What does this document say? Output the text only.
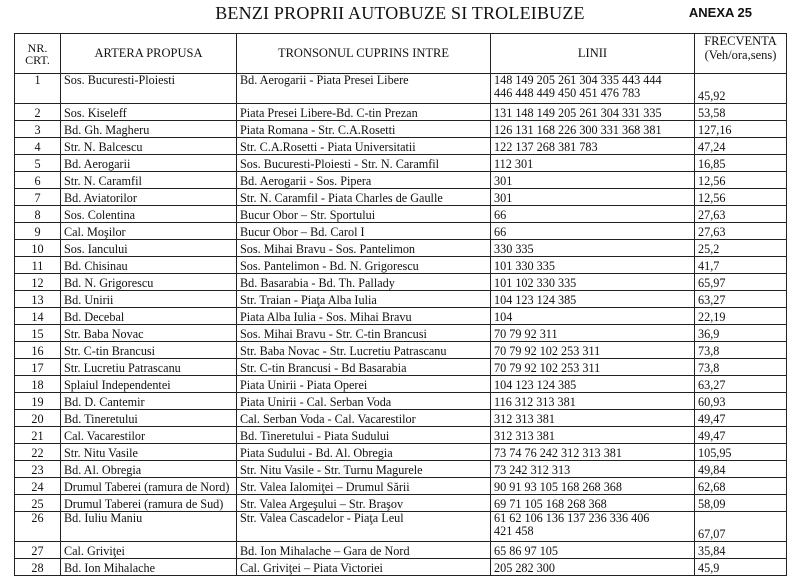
BENZI PROPRII AUTOBUZE SI TROLEIBUZE	ANEXA 25
NR.
CRT.	ARTERA PROPUSA	TRONSONUL CUPRINS INTRE	LINII	FRECVENTA
(Veh/ora,sens)
1	Sos. Bucuresti-Ploiesti	Bd. Aerogarii - Piata Presei Libere	148 149 205 261 304 335 443 444
446 448 449 450 451 476 783	45,92
2	Sos. Kiseleff	Piata Presei Libere-Bd. C-tin Prezan	131 148 149 205 261 304 331 335	53,58
3	Bd. Gh. Magheru	Piata Romana - Str. C.A.Rosetti	126 131 168 226 300 331 368 381	127,16
4	Str. N. Balcescu	Str. C.A.Rosetti - Piata Universitatii	122 137 268 381 783	47,24
5	Bd. Aerogarii	Sos. Bucuresti-Ploiesti - Str. N. Caramfil	112 301	16,85
6	Str. N. Caramfil	Bd. Aerogarii - Sos. Pipera	301	12,56
7	Bd. Aviatorilor	Str. N. Caramfil - Piata Charles de Gaulle	301	12,56
8	Sos. Colentina	Bucur Obor – Str. Sportului	66	27,63
9	Cal. Moşilor	Bucur Obor – Bd. Carol I	66	27,63
10	Sos. Iancului	Sos. Mihai Bravu - Sos. Pantelimon	330 335	25,2
11	Bd. Chisinau	Sos. Pantelimon - Bd. N. Grigorescu	101 330 335	41,7
12	Bd. N. Grigorescu	Bd. Basarabia - Bd. Th. Pallady	101 102 330 335	65,97
13	Bd. Unirii	Str. Traian - Piaţa Alba Iulia	104 123 124 385	63,27
14	Bd. Decebal	Piata Alba Iulia - Sos. Mihai Bravu	104	22,19
15	Str. Baba Novac	Sos. Mihai Bravu - Str. C-tin Brancusi	70 79 92 311	36,9
16	Str. C-tin Brancusi	Str. Baba Novac - Str. Lucretiu Patrascanu	70 79 92 102 253 311	73,8
17	Str. Lucretiu Patrascanu	Str. C-tin Brancusi - Bd Basarabia	70 79 92 102 253 311	73,8
18	Splaiul Independentei	Piata Unirii - Piata Operei	104 123 124 385	63,27
19	Bd. D. Cantemir	Piata Unirii - Cal. Serban Voda	116 312 313 381	60,93
20	Bd. Tineretului	Cal. Serban Voda - Cal. Vacarestilor	312 313 381	49,47
21	Cal. Vacarestilor	Bd. Tineretului - Piata Sudului	312 313 381	49,47
22	Str. Nitu Vasile	Piata Sudului - Bd. Al. Obregia	73 74 76 242 312 313 381	105,95
23	Bd. Al. Obregia	Str. Nitu Vasile - Str. Turnu Magurele	73 242 312 313	49,84
24	Drumul Taberei (ramura de Nord)	Str. Valea Ialomiţei – Drumul Sării	90 91 93 105 168 268 368	62,68
25	Drumul Taberei (ramura de Sud)	Str. Valea Argeşului – Str. Braşov	69 71 105 168 268 368	58,09
26	Bd. Iuliu Maniu	Str. Valea Cascadelor - Piaţa Leul	61 62 106 136 137 236 336 406
421 458	67,07
27	Cal. Griviţei	Bd. Ion Mihalache – Gara de Nord	65 86 97 105	35,84
28	Bd. Ion Mihalache	Cal. Griviţei – Piata Victoriei	205 282 300	45,9
